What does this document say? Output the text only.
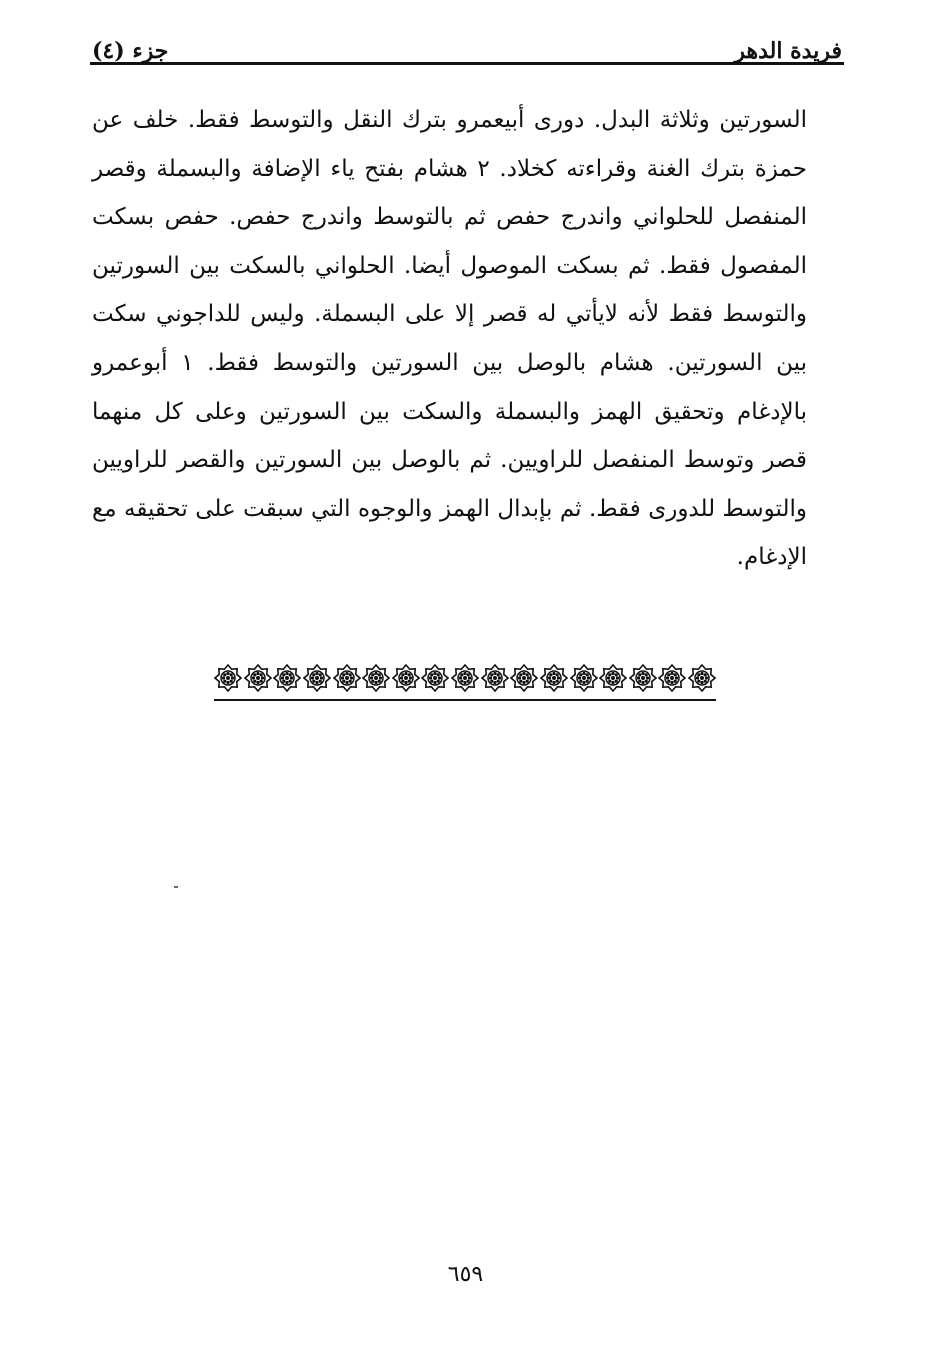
فريدة الدهر
جزء (٤)

السورتين وثلاثة البدل. دورى أبيعمرو بترك النقل والتوسط فقط. خلف عن حمزة بترك الغنة وقراءته كخلاد. ٢ هشام بفتح ياء الإضافة والبسملة وقصر المنفصل للحلواني واندرج حفص ثم بالتوسط واندرج حفص. حفص بسكت المفصول فقط. ثم بسكت الموصول أيضا. الحلواني بالسكت بين السورتين والتوسط فقط لأنه لايأتي له قصر إلا على البسملة. وليس للداجوني سكت بين السورتين. هشام بالوصل بين السورتين والتوسط فقط. ١ أبوعمرو بالإدغام وتحقيق الهمز والبسملة والسكت بين السورتين وعلى كل منهما قصر وتوسط المنفصل للراويين. ثم بالوصل بين السورتين والقصر للراويين والتوسط للدورى فقط. ثم بإبدال الهمز والوجوه التي سبقت على تحقيقه مع الإدغام.

٦٥٩
